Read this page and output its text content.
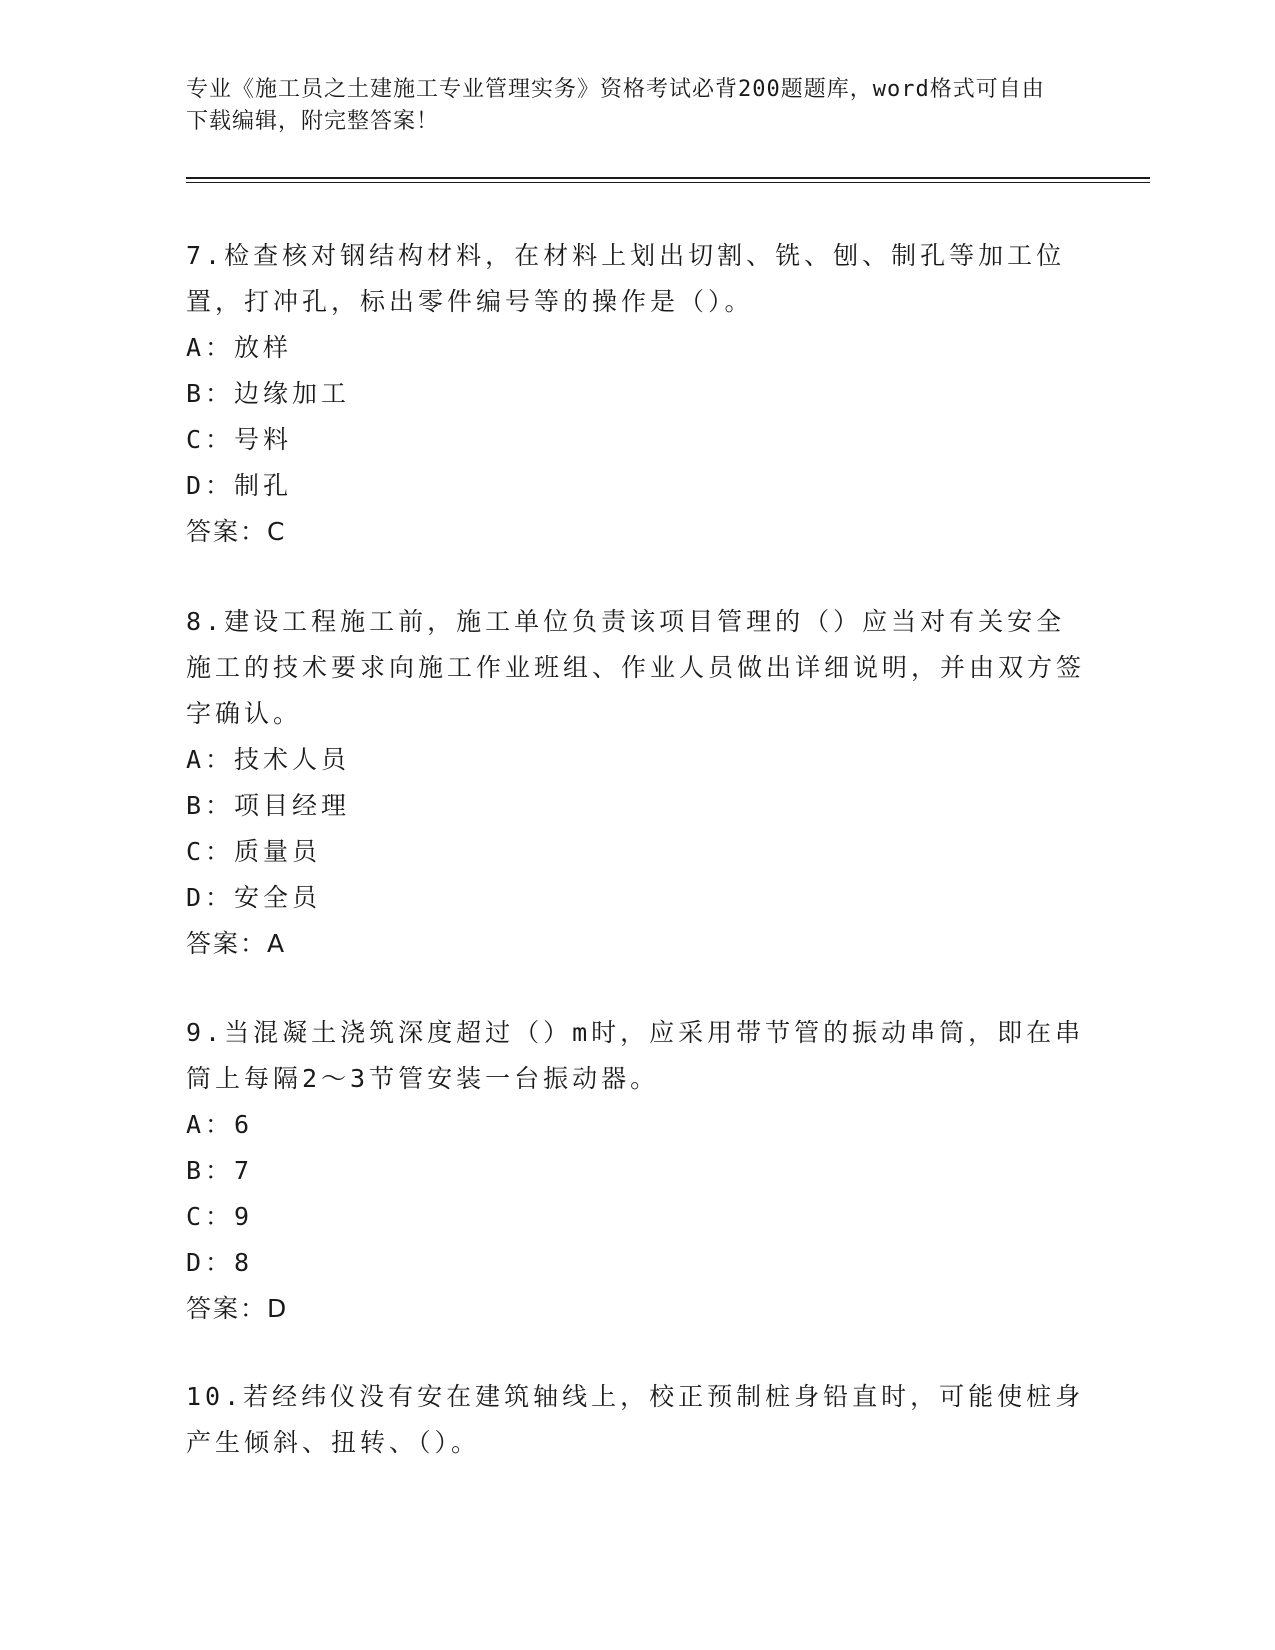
专业《施工员之土建施工专业管理实务》资格考试必背200题题库，word格式可自由下载编辑，附完整答案！
7.检查核对钢结构材料，在材料上划出切割、铣、刨、制孔等加工位置，打冲孔，标出零件编号等的操作是（）。
A：放样
B：边缘加工
C：号料
D：制孔
答案：C
8.建设工程施工前，施工单位负责该项目管理的（）应当对有关安全施工的技术要求向施工作业班组、作业人员做出详细说明，并由双方签字确认。
A：技术人员
B：项目经理
C：质量员
D：安全员
答案：A
9.当混凝土浇筑深度超过（）m时，应采用带节管的振动串筒，即在串筒上每隔2～3节管安装一台振动器。
A：6
B：7
C：9
D：8
答案：D
10.若经纬仪没有安在建筑轴线上，校正预制桩身铅直时，可能使桩身产生倾斜、扭转、（）。
